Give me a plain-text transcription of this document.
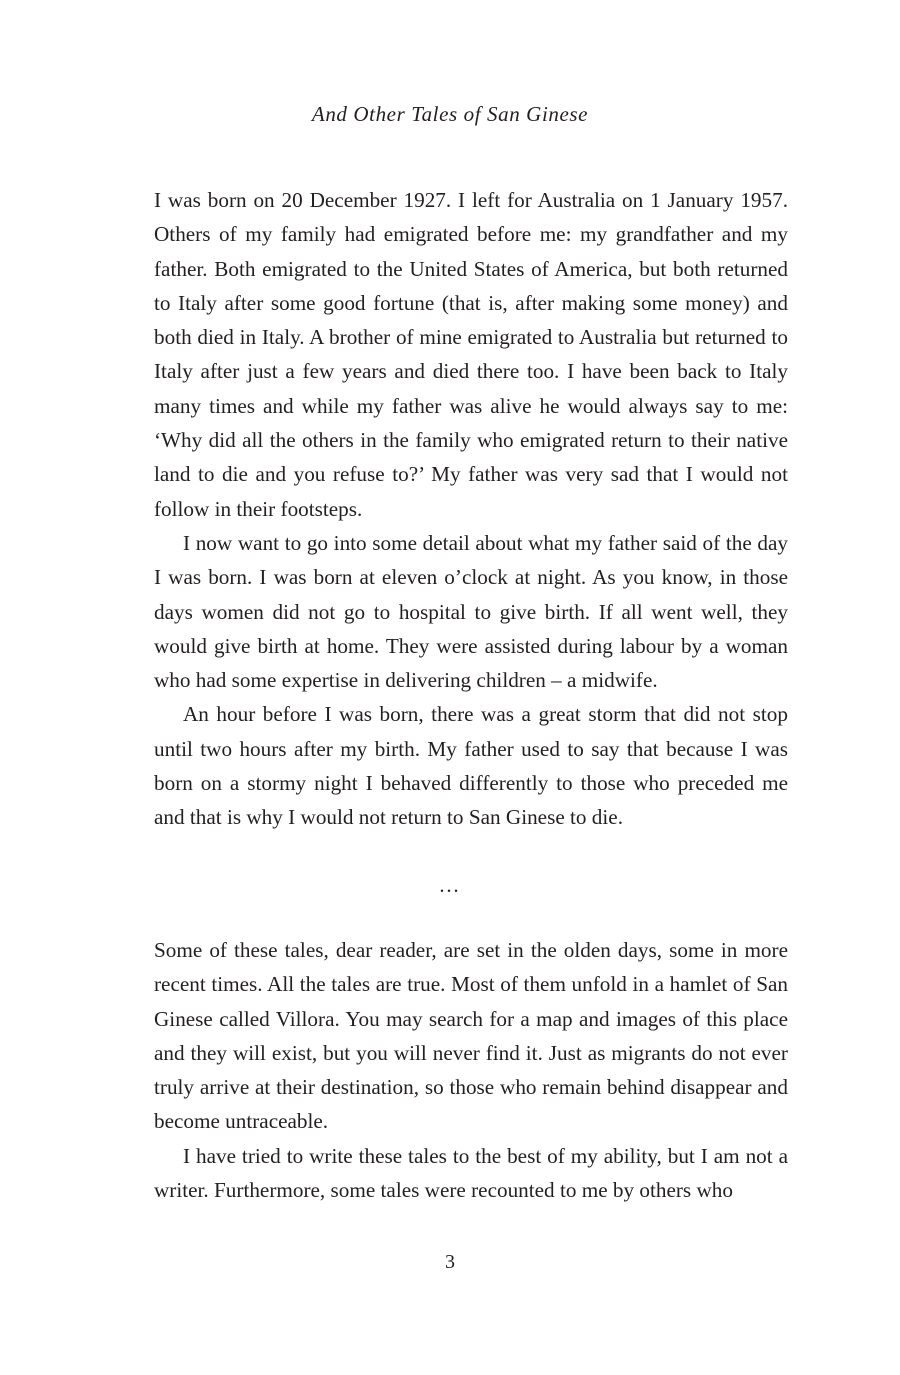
And Other Tales of San Ginese

I was born on 20 December 1927. I left for Australia on 1 January 1957. Others of my family had emigrated before me: my grandfather and my father. Both emigrated to the United States of America, but both returned to Italy after some good fortune (that is, after making some money) and both died in Italy. A brother of mine emigrated to Australia but returned to Italy after just a few years and died there too. I have been back to Italy many times and while my father was alive he would always say to me: ‘Why did all the others in the family who emigrated return to their native land to die and you refuse to?’ My father was very sad that I would not follow in their footsteps.

I now want to go into some detail about what my father said of the day I was born. I was born at eleven o’clock at night. As you know, in those days women did not go to hospital to give birth. If all went well, they would give birth at home. They were assisted during labour by a woman who had some expertise in delivering children – a midwife.

An hour before I was born, there was a great storm that did not stop until two hours after my birth. My father used to say that because I was born on a stormy night I behaved differently to those who preceded me and that is why I would not return to San Ginese to die.

…

Some of these tales, dear reader, are set in the olden days, some in more recent times. All the tales are true. Most of them unfold in a hamlet of San Ginese called Villora. You may search for a map and images of this place and they will exist, but you will never find it. Just as migrants do not ever truly arrive at their destination, so those who remain behind disappear and become untraceable.

I have tried to write these tales to the best of my ability, but I am not a writer. Furthermore, some tales were recounted to me by others who

3
